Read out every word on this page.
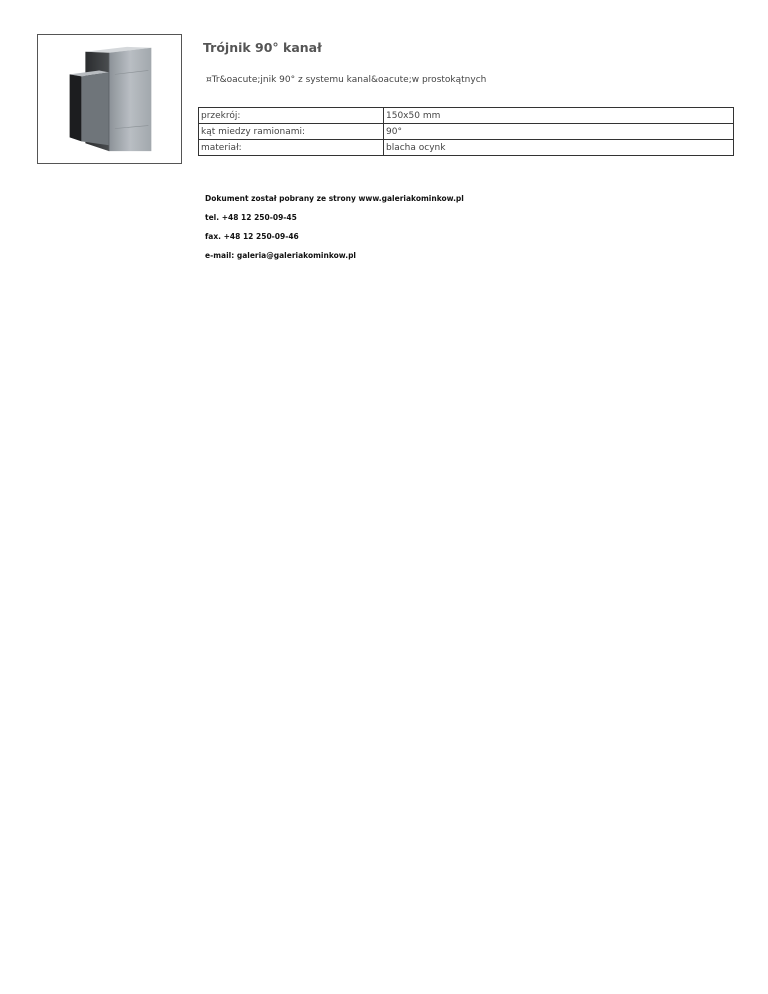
Trójnik 90° kanał
¤Tr&oacute;jnik 90° z systemu kanal&oacute;w prostokątnych
przekrój:	150x50 mm
kąt miedzy ramionami:	90°
materiał:	blacha ocynk
Dokument został pobrany ze strony www.galeriakominkow.pl
tel. +48 12 250-09-45
fax. +48 12 250-09-46
e-mail: galeria@galeriakominkow.pl
